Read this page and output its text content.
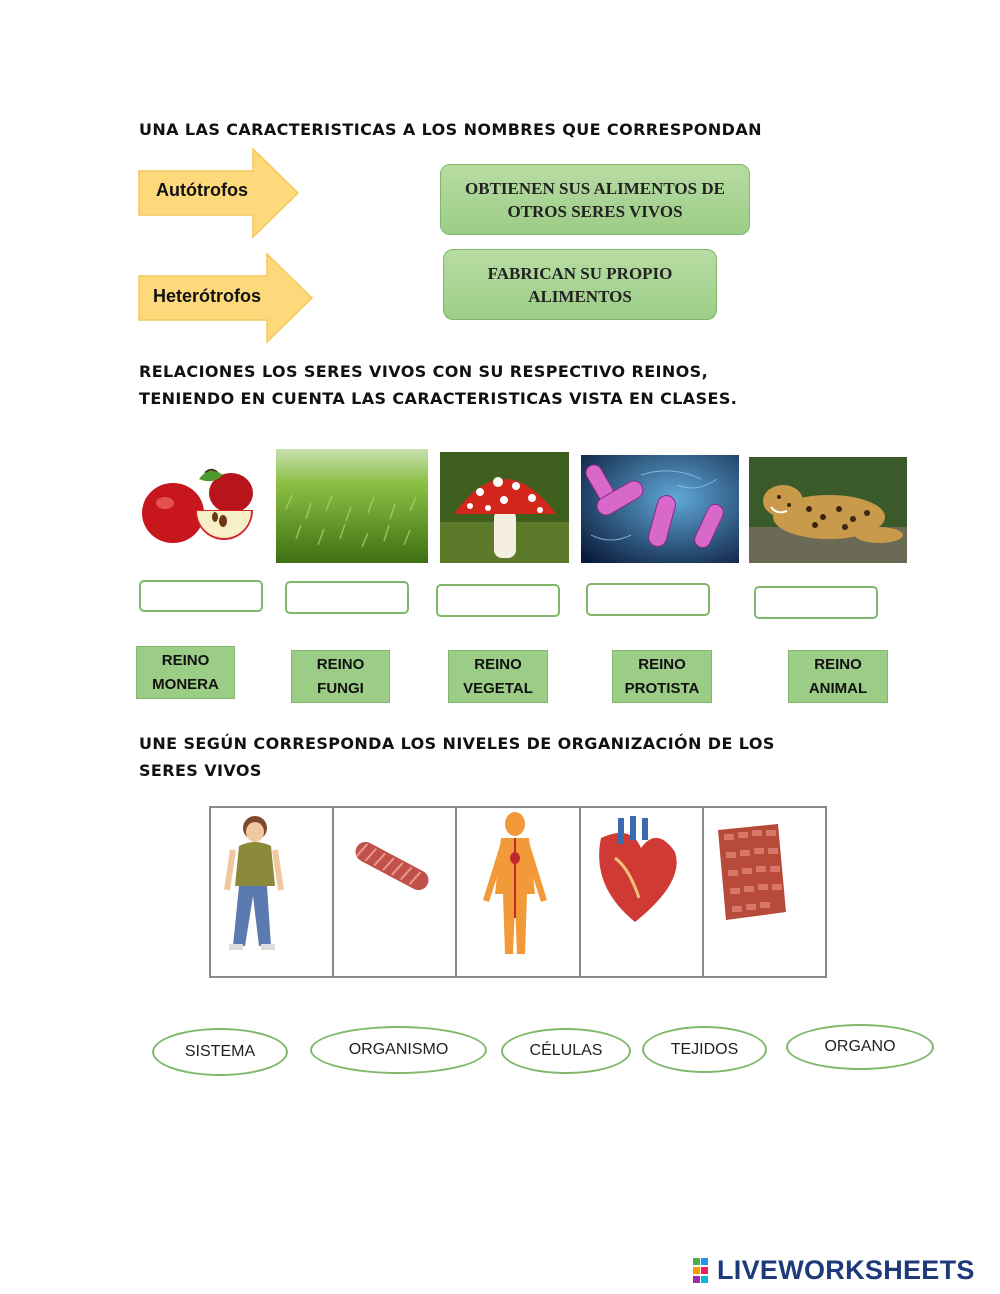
UNA LAS CARACTERISTICAS A LOS NOMBRES QUE CORRESPONDAN
Autótrofos
Heterótrofos
OBTIENEN SUS ALIMENTOS DE OTROS SERES VIVOS
FABRICAN SU PROPIO ALIMENTOS
RELACIONES LOS SERES VIVOS CON SU RESPECTIVO REINOS,
TENIENDO EN CUENTA LAS CARACTERISTICAS VISTA EN CLASES.
REINO
MONERA
REINO
FUNGI
REINO
VEGETAL
REINO
PROTISTA
REINO
ANIMAL
UNE SEGÚN CORRESPONDA LOS NIVELES DE ORGANIZACIÓN DE LOS
SERES VIVOS
SISTEMA	ORGANISMO	CÉLULAS	TEJIDOS	ORGANO
LIVEWORKSHEETS
